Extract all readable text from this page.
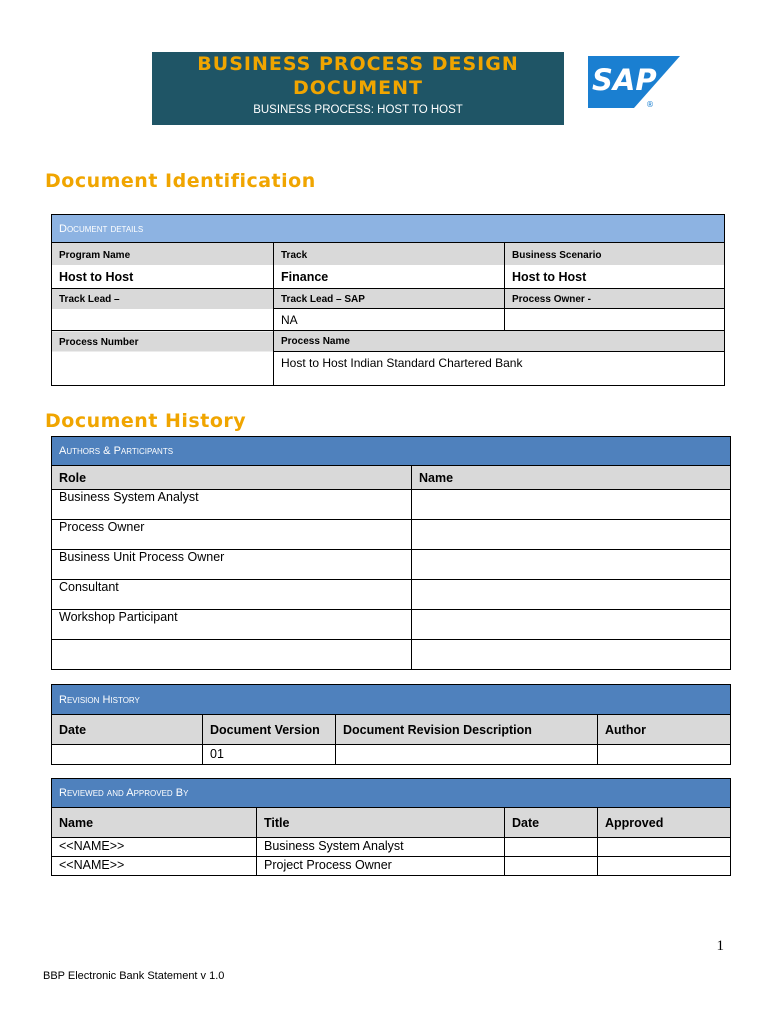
BUSINESS PROCESS DESIGN
DOCUMENT
BUSINESS PROCESS: HOST TO HOST
SAP
®
Document Identification
Document details		
Program Name	Track	Business Scenario
Host to Host	Finance	Host to Host
Track Lead –	Track Lead – SAP	Process Owner -
	NA	
Process Number	Process Name	
	Host to Host Indian Standard Chartered Bank	
Document History
Authors & Participants	
Role	Name
Business System Analyst	
Process Owner	
Business Unit Process Owner	
Consultant	
Workshop Participant	

Revision History			
Date	Document Version	Document Revision Description	Author
	01		
Reviewed and Approved By			
Name	Title	Date	Approved
<<NAME>>	Business System Analyst		
<<NAME>>	Project Process Owner		
1
BBP Electronic Bank Statement v 1.0
